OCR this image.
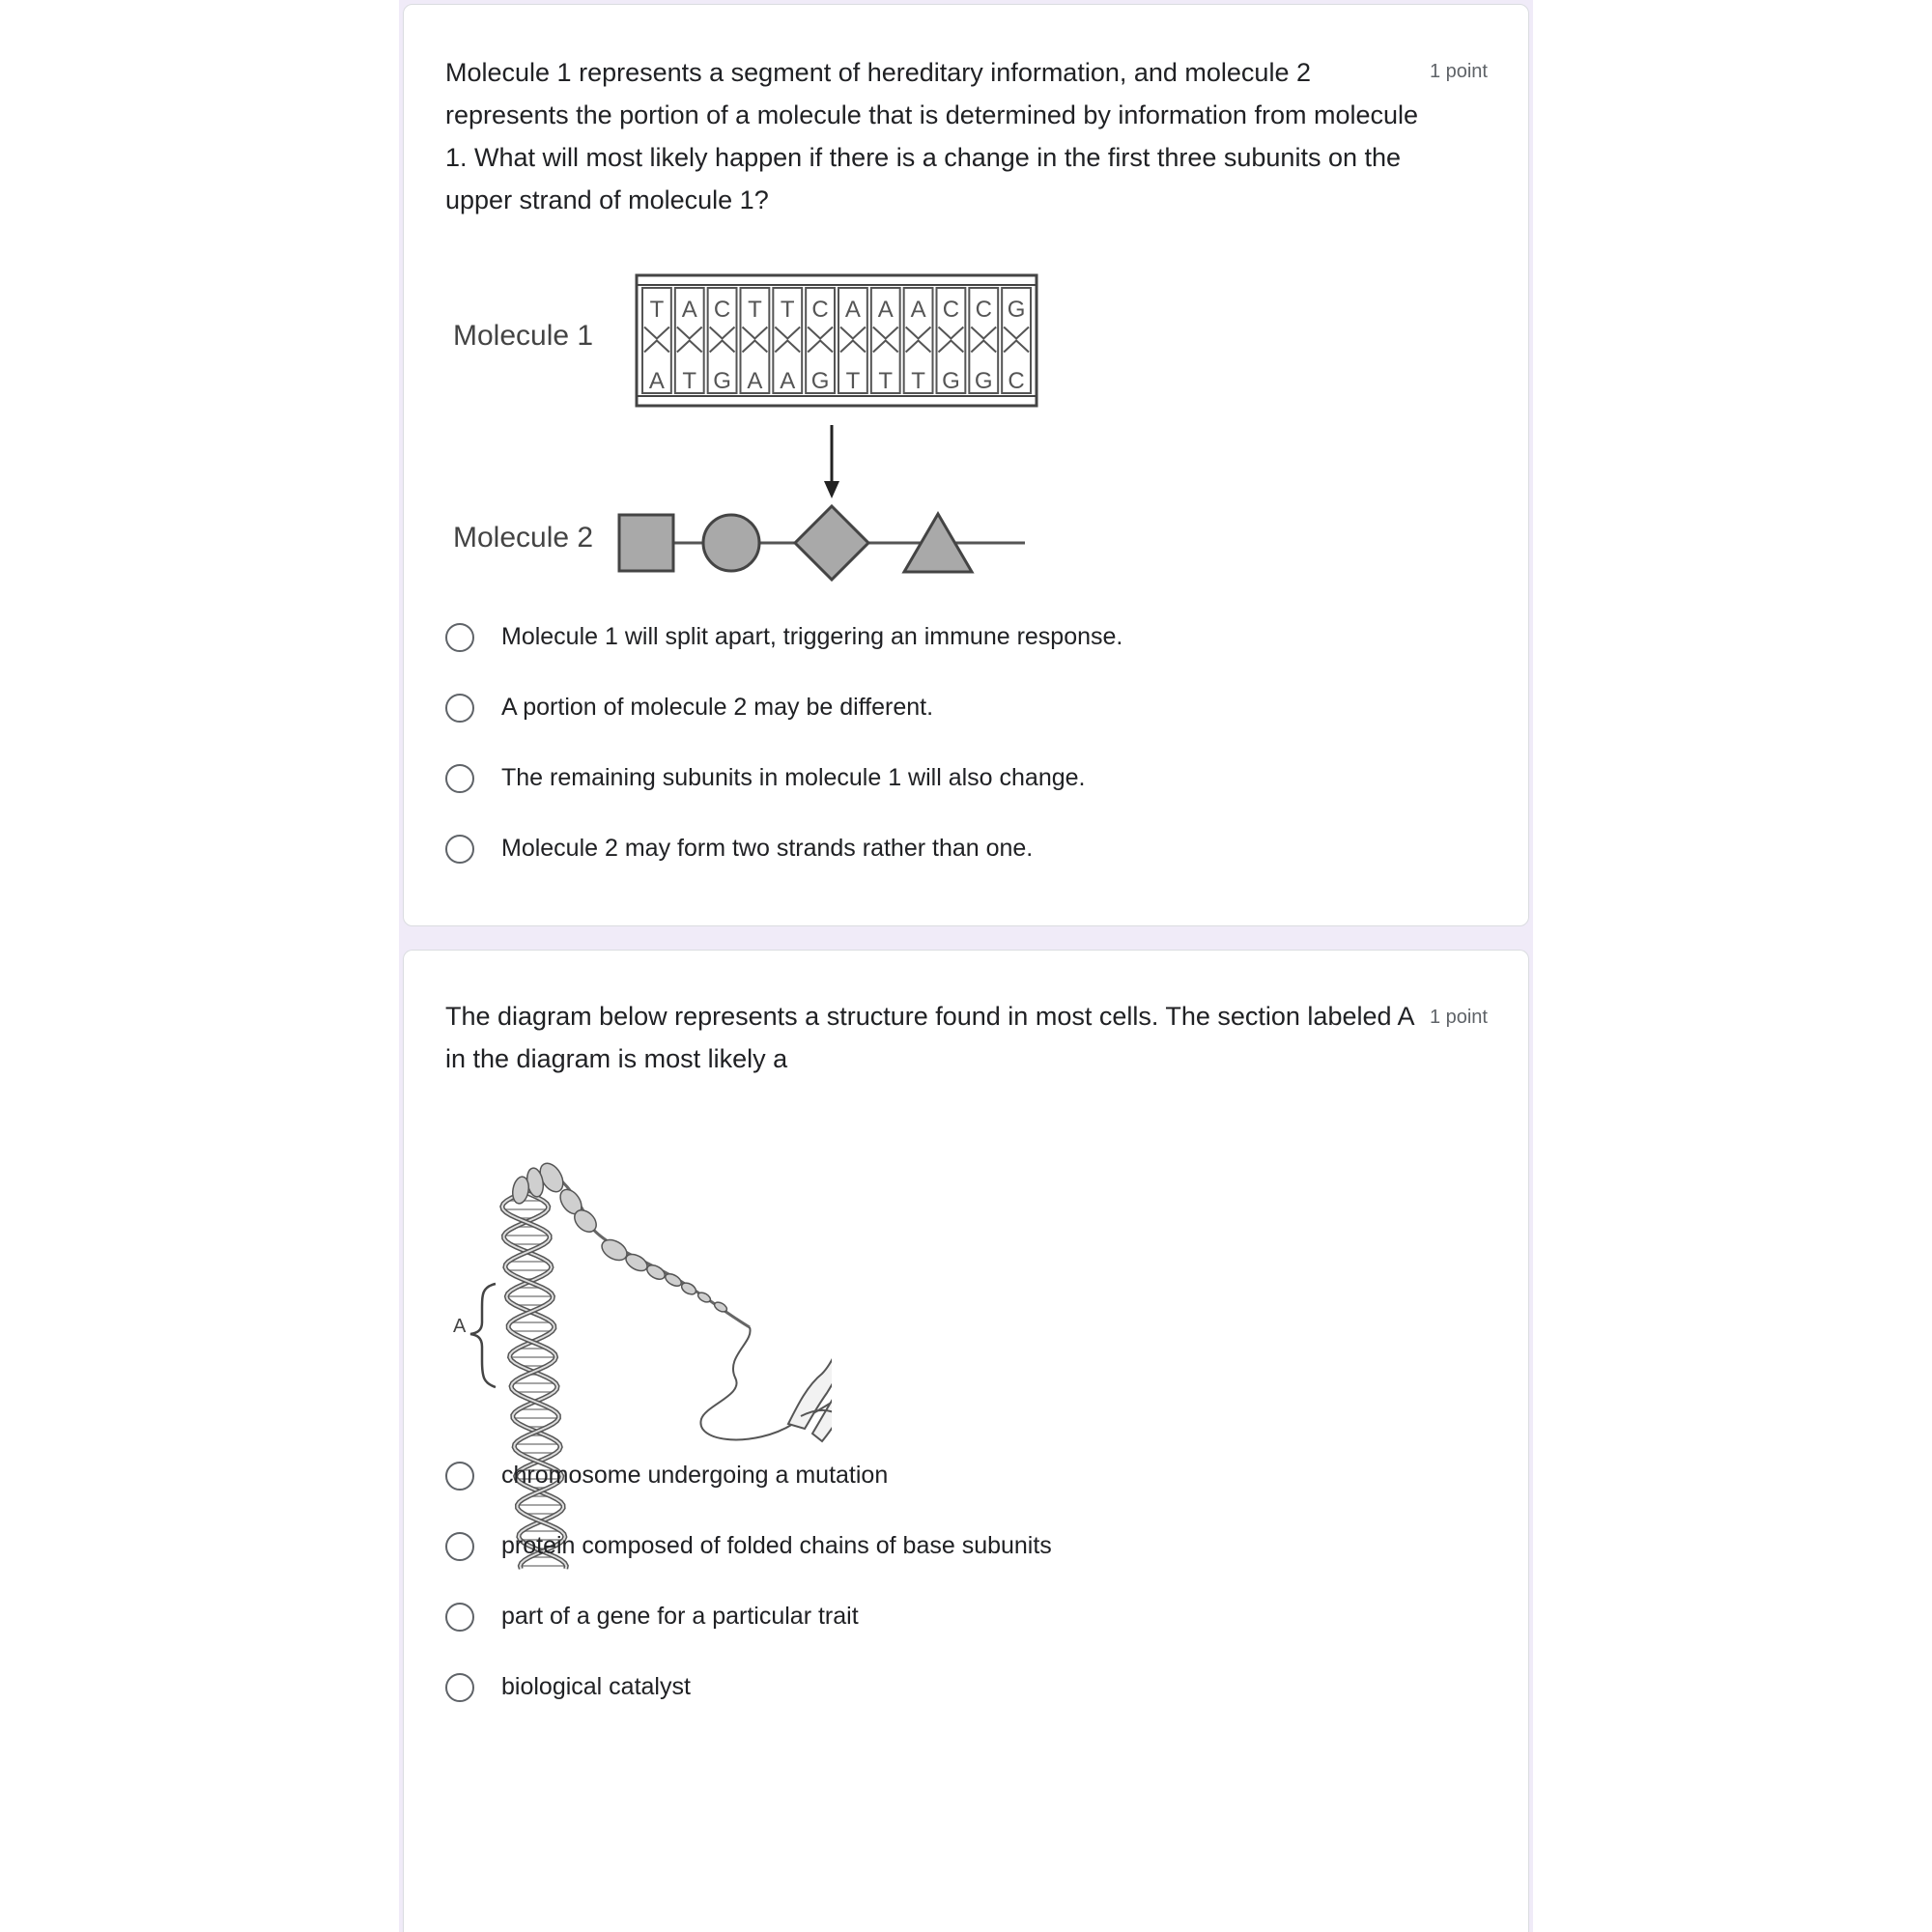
Molecule 1 represents a segment of hereditary information, and molecule 2 represents the portion of a molecule that is determined by information from molecule 1. What will most likely happen if there is a change in the first three subunits on the upper strand of molecule 1?
1 point
Molecule 1
Molecule 2
T
A
A
T
C
G
T
A
T
A
C
G
A
T
A
T
A
T
C
G
C
G
G
C
Molecule 1 will split apart, triggering an immune response.
A portion of molecule 2 may be different.
The remaining subunits in molecule 1 will also change.
Molecule 2 may form two strands rather than one.
The diagram below represents a structure found in most cells. The section labeled A in the diagram is most likely a
1 point
A
chromosome undergoing a mutation
protein composed of folded chains of base subunits
part of a gene for a particular trait
biological catalyst
